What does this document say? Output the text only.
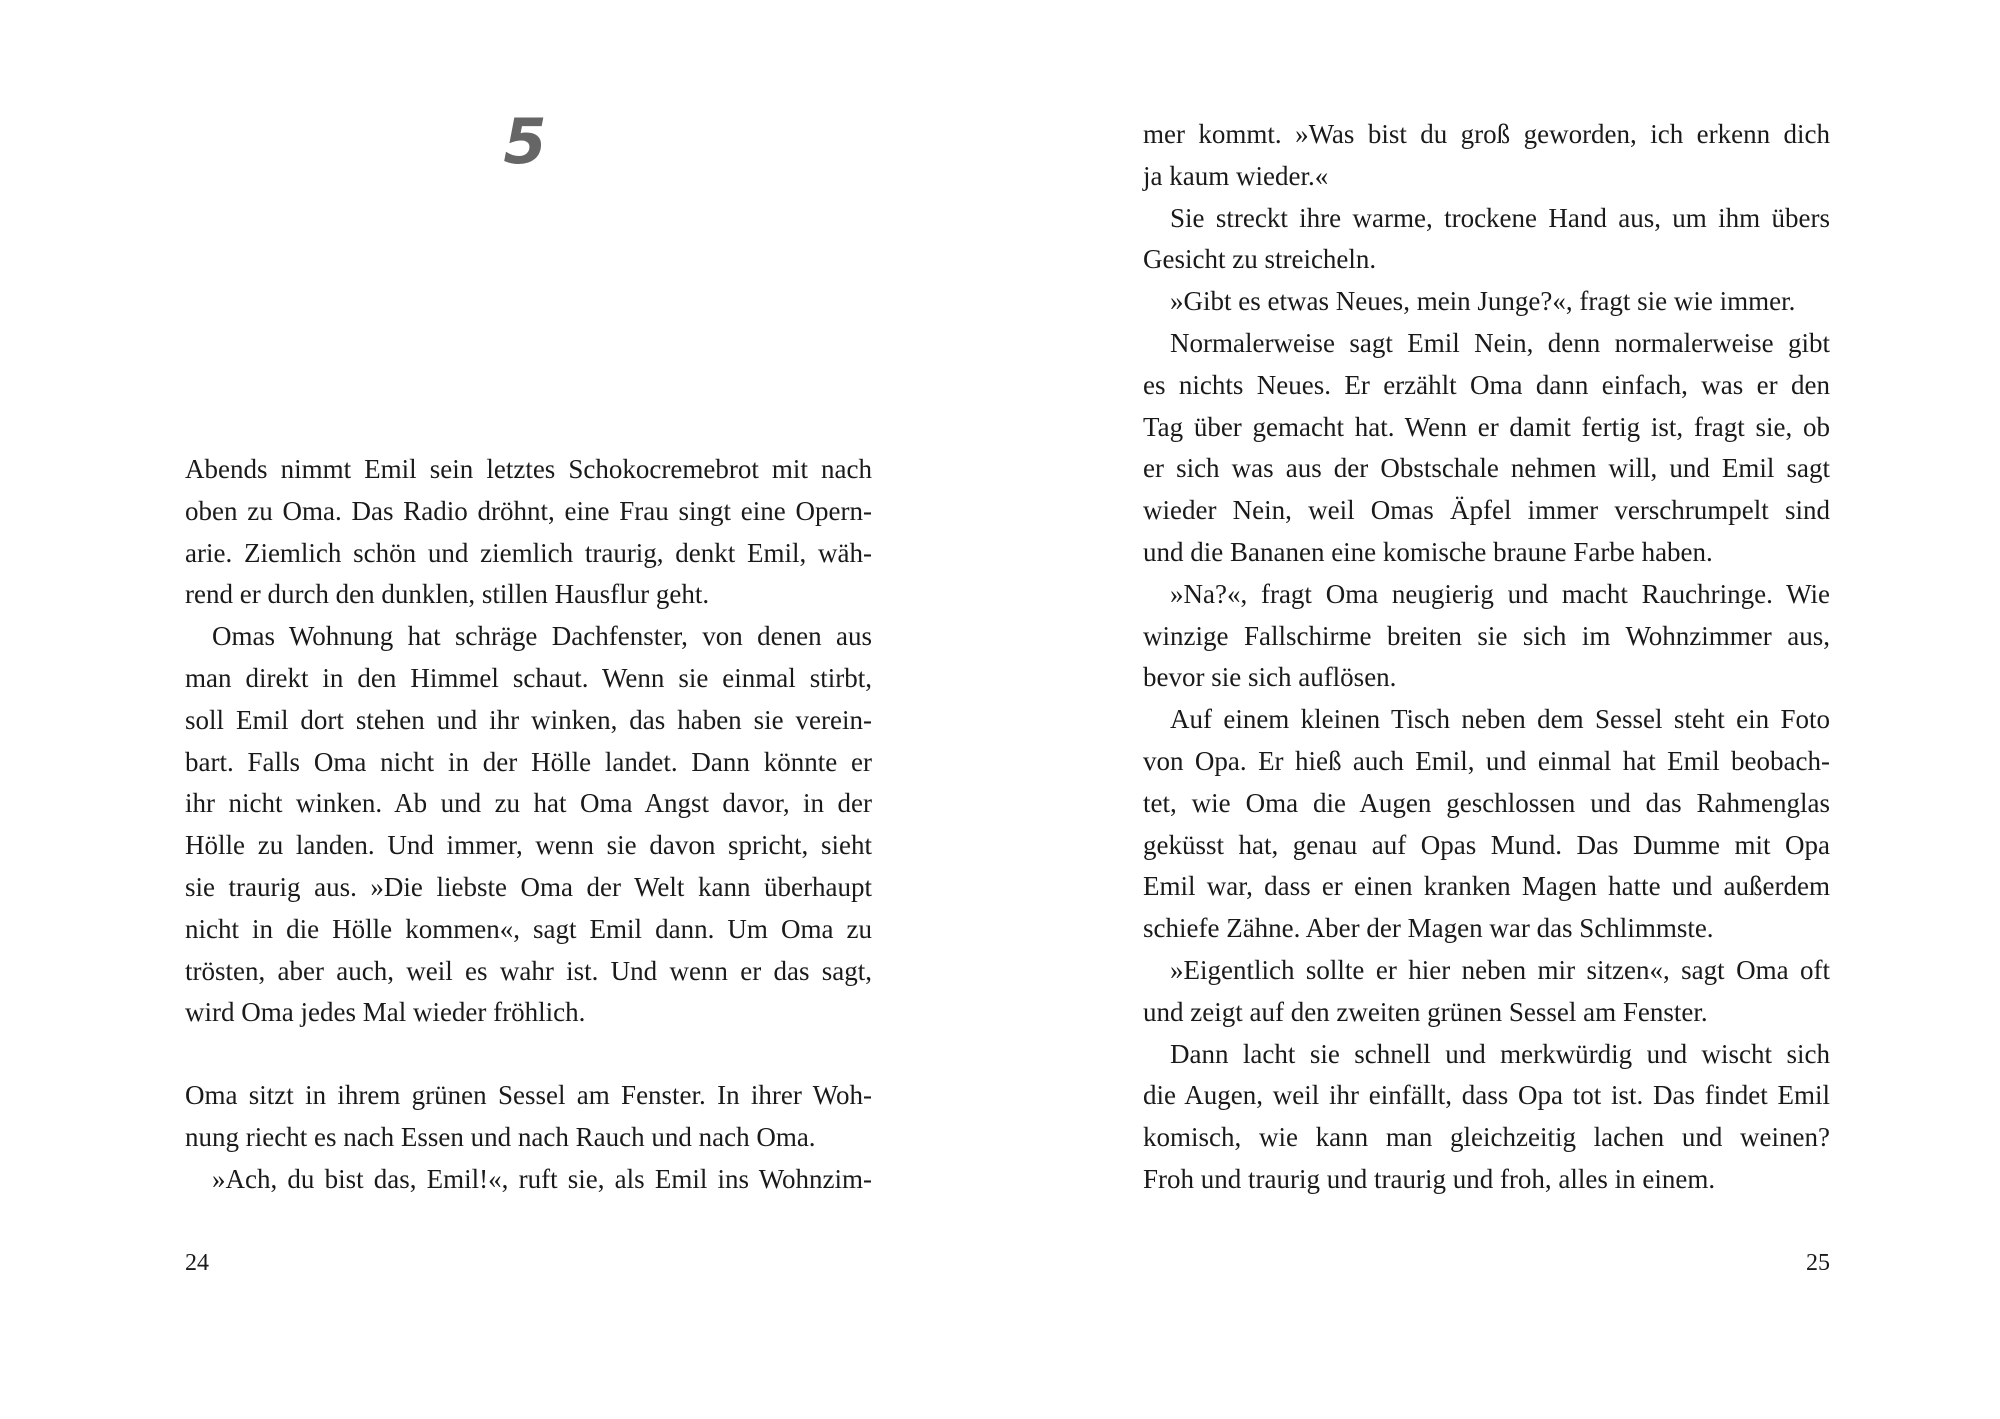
5
Abends nimmt Emil sein letztes Schokocremebrot mit nach
oben zu Oma. Das Radio dröhnt, eine Frau singt eine Opern-
arie. Ziemlich schön und ziemlich traurig, denkt Emil, wäh-
rend er durch den dunklen, stillen Hausflur geht.
Omas Wohnung hat schräge Dachfenster, von denen aus
man direkt in den Himmel schaut. Wenn sie einmal stirbt,
soll Emil dort stehen und ihr winken, das haben sie verein-
bart. Falls Oma nicht in der Hölle landet. Dann könnte er
ihr nicht winken. Ab und zu hat Oma Angst davor, in der
Hölle zu landen. Und immer, wenn sie davon spricht, sieht
sie traurig aus. »Die liebste Oma der Welt kann überhaupt
nicht in die Hölle kommen«, sagt Emil dann. Um Oma zu
trösten, aber auch, weil es wahr ist. Und wenn er das sagt,
wird Oma jedes Mal wieder fröhlich.
Oma sitzt in ihrem grünen Sessel am Fenster. In ihrer Woh-
nung riecht es nach Essen und nach Rauch und nach Oma.
»Ach, du bist das, Emil!«, ruft sie, als Emil ins Wohnzim-
24
mer kommt. »Was bist du groß geworden, ich erkenn dich
ja kaum wieder.«
Sie streckt ihre warme, trockene Hand aus, um ihm übers
Gesicht zu streicheln.
»Gibt es etwas Neues, mein Junge?«, fragt sie wie immer.
Normalerweise sagt Emil Nein, denn normalerweise gibt
es nichts Neues. Er erzählt Oma dann einfach, was er den
Tag über gemacht hat. Wenn er damit fertig ist, fragt sie, ob
er sich was aus der Obstschale nehmen will, und Emil sagt
wieder Nein, weil Omas Äpfel immer verschrumpelt sind
und die Bananen eine komische braune Farbe haben.
»Na?«, fragt Oma neugierig und macht Rauchringe. Wie
winzige Fallschirme breiten sie sich im Wohnzimmer aus,
bevor sie sich auflösen.
Auf einem kleinen Tisch neben dem Sessel steht ein Foto
von Opa. Er hieß auch Emil, und einmal hat Emil beobach-
tet, wie Oma die Augen geschlossen und das Rahmenglas
geküsst hat, genau auf Opas Mund. Das Dumme mit Opa
Emil war, dass er einen kranken Magen hatte und außerdem
schiefe Zähne. Aber der Magen war das Schlimmste.
»Eigentlich sollte er hier neben mir sitzen«, sagt Oma oft
und zeigt auf den zweiten grünen Sessel am Fenster.
Dann lacht sie schnell und merkwürdig und wischt sich
die Augen, weil ihr einfällt, dass Opa tot ist. Das findet Emil
komisch, wie kann man gleichzeitig lachen und weinen?
Froh und traurig und traurig und froh, alles in einem.
25
